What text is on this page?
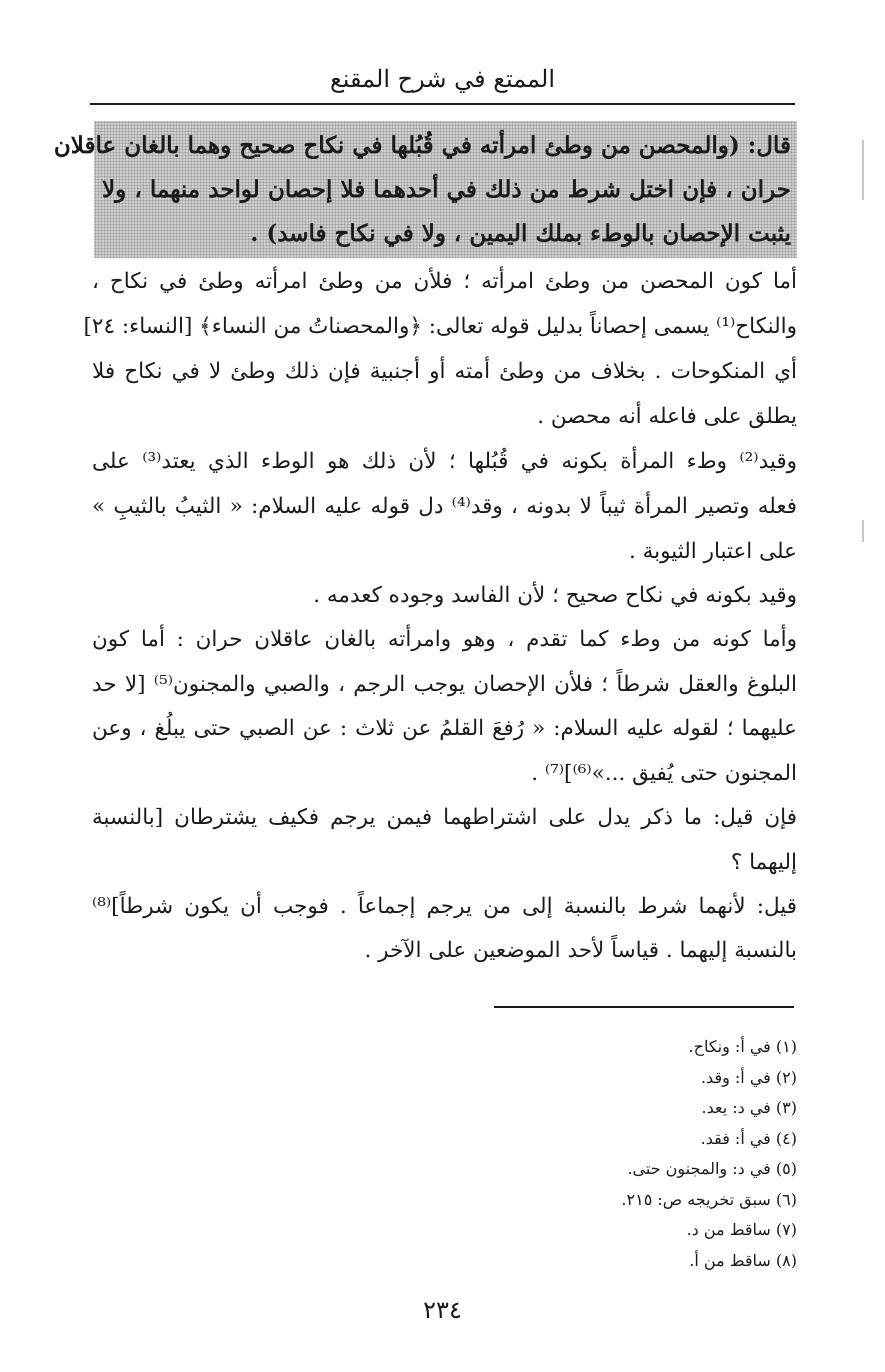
الممتع في شرح المقنع
قال: (والمحصن من وطئ امرأته في قُبُلها في نكاح صحيح وهما بالغان عاقلان
حران ، فإن اختل شرط من ذلك في أحدهما فلا إحصان لواحد منهما ، ولا
يثبت الإحصان بالوطء بملك اليمين ، ولا في نكاح فاسد) .
أما كون المحصن من وطئ امرأته ؛ فلأن من وطئ امرأته وطئ في نكاح ،
والنكاح⁽¹⁾ يسمى إحصاناً بدليل قوله تعالى: ﴿والمحصناتُ من النساء﴾ [النساء: ٢٤]
أي المنكوحات . بخلاف من وطئ أمته أو أجنبية فإن ذلك وطئ لا في نكاح فلا
يطلق على فاعله أنه محصن .
وقيد⁽²⁾ وطء المرأة بكونه في قُبُلها ؛ لأن ذلك هو الوطء الذي يعتد⁽³⁾ على
فعله وتصير المرأة ثيباً لا بدونه ، وقد⁽⁴⁾ دل قوله عليه السلام: « الثيبُ بالثيبِ »
على اعتبار الثيوبة .
وقيد بكونه في نكاح صحيح ؛ لأن الفاسد وجوده كعدمه .
وأما كونه من وطء كما تقدم ، وهو وامرأته بالغان عاقلان حران : أما كون
البلوغ والعقل شرطاً ؛ فلأن الإحصان يوجب الرجم ، والصبي والمجنون⁽⁵⁾ [لا حد
عليهما ؛ لقوله عليه السلام: « رُفعَ القلمُ عن ثلاث : عن الصبي حتى يبلُغ ، وعن
المجنون حتى يُفيق ...»⁽⁶⁾]⁽⁷⁾ .
فإن قيل: ما ذكر يدل على اشتراطهما فيمن يرجم فكيف يشترطان [بالنسبة
إليهما ؟
قيل: لأنهما شرط بالنسبة إلى من يرجم إجماعاً . فوجب أن يكون شرطاً]⁽⁸⁾
بالنسبة إليهما . قياساً لأحد الموضعين على الآخر .
(١) في أ: ونكاح.
(٢) في أ: وقد.
(٣) في د: يعد.
(٤) في أ: فقد.
(٥) في د: والمجنون حتى.
(٦) سبق تخريجه ص: ٢١٥.
(٧) ساقط من د.
(٨) ساقط من أ.
٢٣٤
